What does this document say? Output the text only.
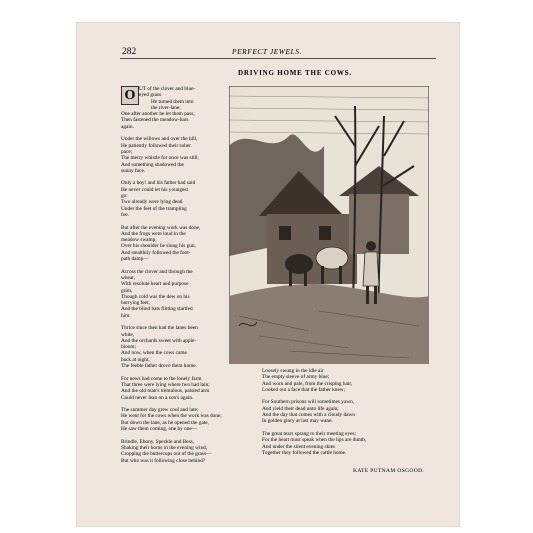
282	PERFECT JEWELS.
DRIVING HOME THE COWS.
O UT of the clover and blue-
eyed grass
He turned them into
the river-lane;
One after another he let them pass,
Then fastened the meadow-bars
again.
Under the willows and over the hill,
He patiently followed their sober
pace;
The merry whistle for once was still,
And something shadowed the
sunny face.
Only a boy! and his father had said
He never could let his youngest
go:
Two already were lying dead
Under the feet of the trampling
foe.
But after the evening work was done,
And the frogs were loud in the
meadow swamp,
Over his shoulder he slung his gun,
And stealthily followed the foot-
path damp—
Across the clover and through the
wheat,
With resolute heart and purpose
grim,
Though cold was the dew on his
hurrying feet,
And the blind bats flitting startled
him.
Thrice since then had the lanes been
white,
And the orchards sweet with apple-
bloom;
And now, when the cows came
back at night,
The feeble father drove them home.
For news had come to the lonely farm
That three were lying where two had lain;
And the old man's tremulous, palsied arm
Could never lean on a son's again.
The summer day grew cool and late;
He went for the cows when the work was done;
But down the lane, as he opened the gate,
He saw them coming, one by one—
Brindle, Ebony, Speckle and Bess,
Shaking their horns in the evening wind,
Cropping the buttercups out of the grass—
But who was it following close behind?
Loosely swung in the idle air
The empty sleeve of army blue;
And worn and pale, from the crisping hair,
Looked out a face that the father knew;
For Southern prisons will sometimes yawn,
And yield their dead unto life again;
And the day that comes with a cloudy dawn
In golden glory at last may wane.
The great tears sprang to their meeting eyes;
For the heart must speak when the lips are dumb,
And under the silent evening skies
Together they followed the cattle home.
KATE PUTNAM OSGOOD.
